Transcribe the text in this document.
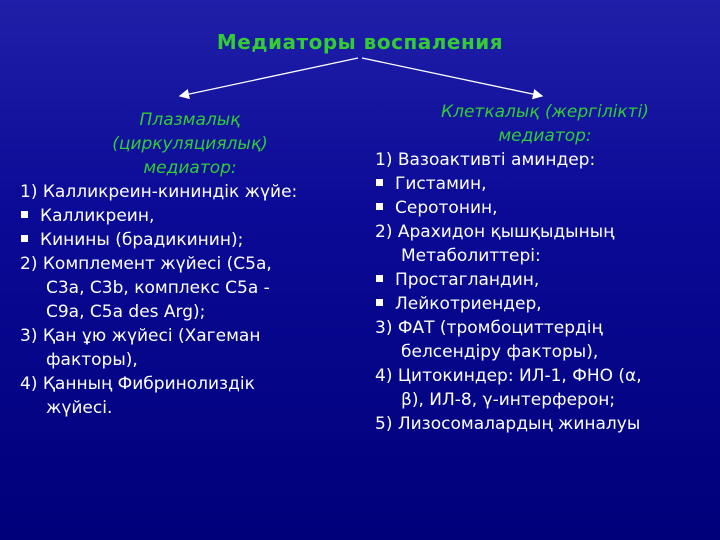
Медиаторы воспаления
Плазмалық
(циркуляциялық)
медиатор:
1) Калликреин-кининдік жүйе:
Калликреин,
Кинины (брадикинин);
2) Комплемент жүйесі (С5а,
С3а, С3b, комплекс С5а -
С9а, С5а des Arg);
3) Қан ұю жүйесі (Хагеман
факторы),
4) Қанның Фибринолиздік
жүйесі.
Клеткалық (жергілікті)
медиатор:
1) Вазоактивті аминдер:
Гистамин,
Серотонин,
2) Арахидон қышқыдының
Метаболиттері:
Простагландин,
Лейкотриендер,
3) ФАТ (тромбоциттердің
белсендіру факторы),
4) Цитокиндер: ИЛ-1, ФНО (α,
β), ИЛ-8, γ-интерферон;
5) Лизосомалардың жиналуы
